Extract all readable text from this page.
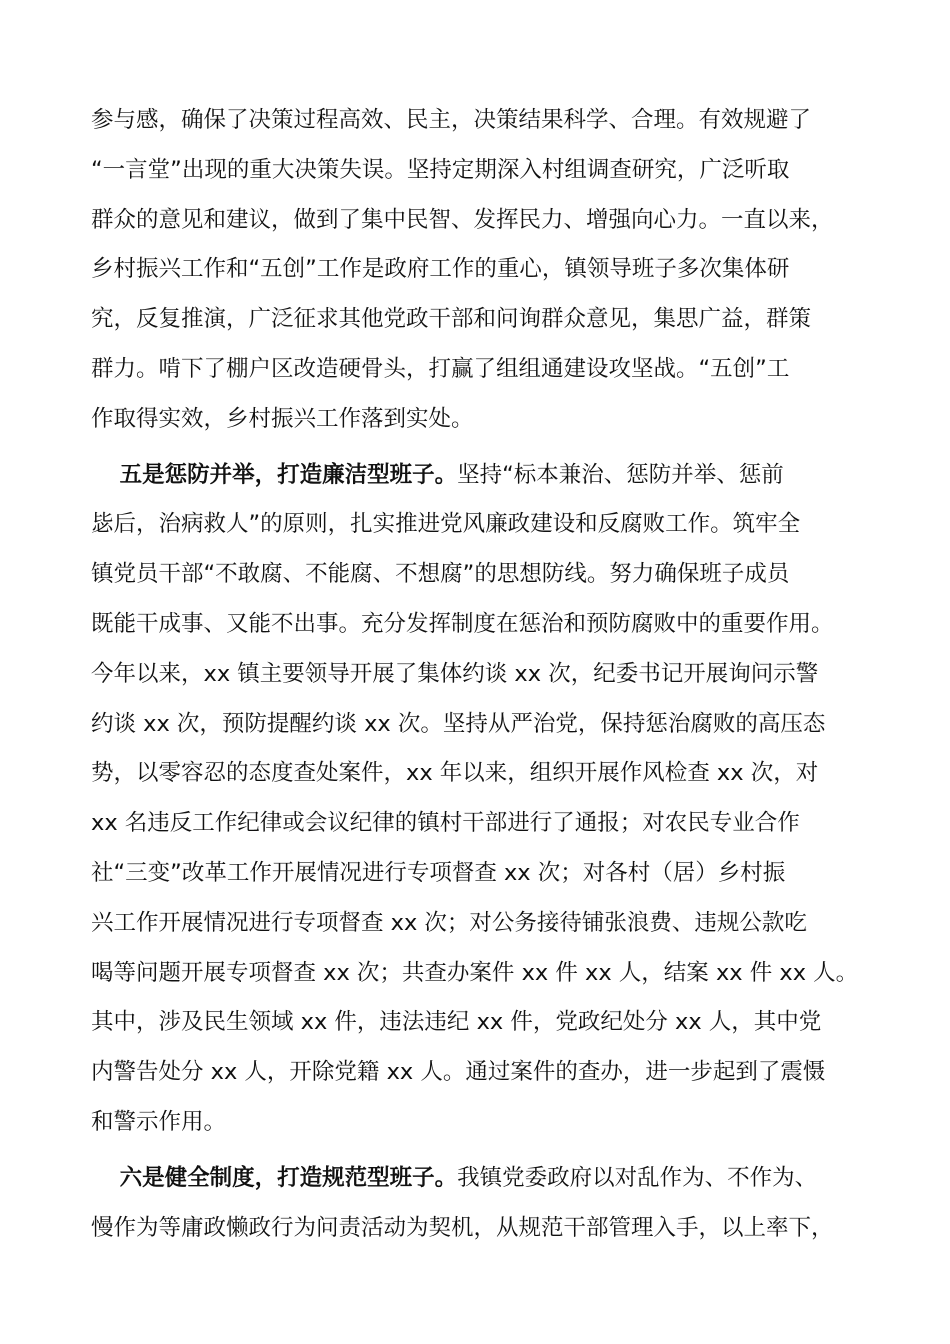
参与感，确保了决策过程高效、民主，决策结果科学、合理。有效规避了
“一言堂”出现的重大决策失误。坚持定期深入村组调查研究，广泛听取
群众的意见和建议，做到了集中民智、发挥民力、增强向心力。一直以来，
乡村振兴工作和“五创”工作是政府工作的重心，镇领导班子多次集体研
究，反复推演，广泛征求其他党政干部和问询群众意见，集思广益，群策
群力。啃下了棚户区改造硬骨头，打赢了组组通建设攻坚战。“五创”工
作取得实效，乡村振兴工作落到实处。
五是惩防并举，打造廉洁型班子。坚持“标本兼治、惩防并举、惩前
毖后，治病救人”的原则，扎实推进党风廉政建设和反腐败工作。筑牢全
镇党员干部“不敢腐、不能腐、不想腐”的思想防线。努力确保班子成员
既能干成事、又能不出事。充分发挥制度在惩治和预防腐败中的重要作用。
今年以来，xx 镇主要领导开展了集体约谈 xx 次，纪委书记开展询问示警
约谈 xx 次，预防提醒约谈 xx 次。坚持从严治党，保持惩治腐败的高压态
势，以零容忍的态度查处案件，xx 年以来，组织开展作风检查 xx 次，对
xx 名违反工作纪律或会议纪律的镇村干部进行了通报；对农民专业合作
社“三变”改革工作开展情况进行专项督查 xx 次；对各村（居）乡村振
兴工作开展情况进行专项督查 xx 次；对公务接待铺张浪费、违规公款吃
喝等问题开展专项督查 xx 次；共查办案件 xx 件 xx 人，结案 xx 件 xx 人。
其中，涉及民生领域 xx 件，违法违纪 xx 件，党政纪处分 xx 人，其中党
内警告处分 xx 人，开除党籍 xx 人。通过案件的查办，进一步起到了震慑
和警示作用。
六是健全制度，打造规范型班子。我镇党委政府以对乱作为、不作为、
慢作为等庸政懒政行为问责活动为契机，从规范干部管理入手，以上率下，
